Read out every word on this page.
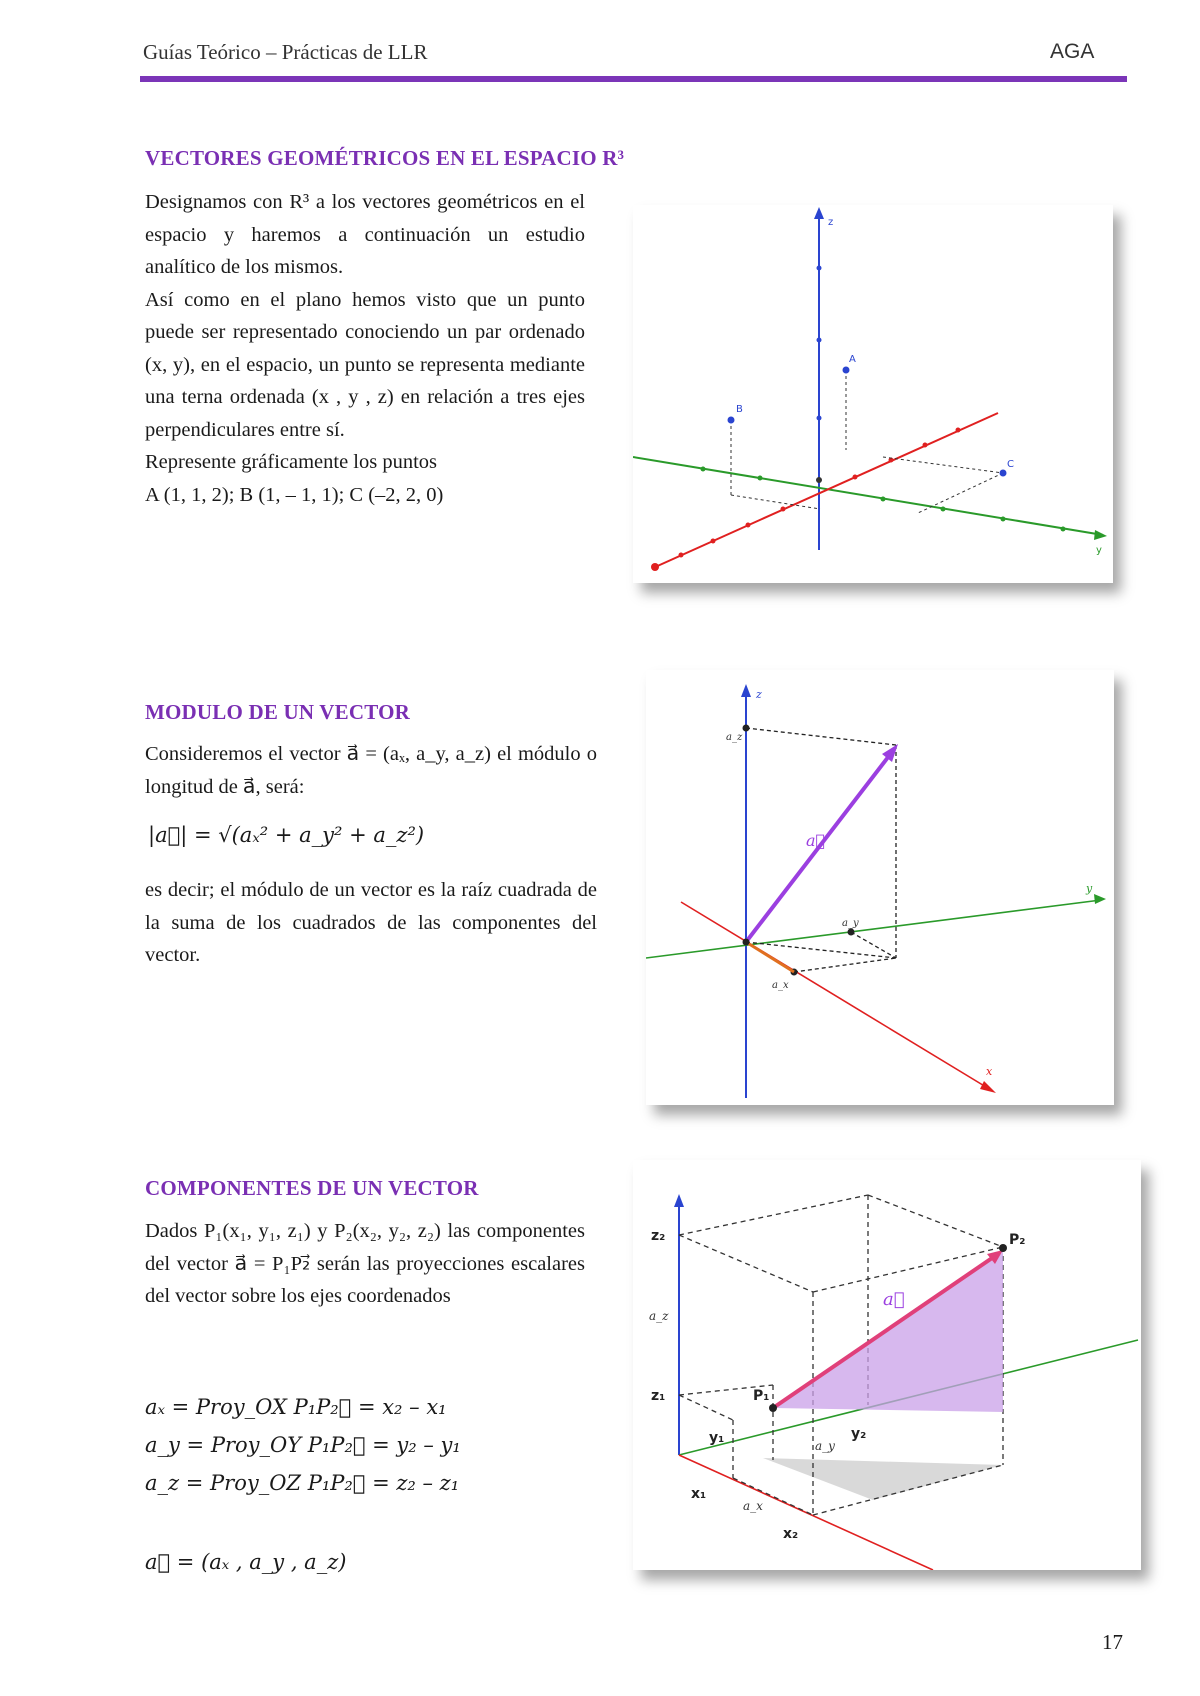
Guías Teórico – Prácticas de LLR	AGA
VECTORES GEOMÉTRICOS EN EL ESPACIO R³

Designamos con R³ a los vectores geométricos en el espacio y haremos a continuación un estudio analítico de los mismos.

Así como en el plano hemos visto que un punto puede ser representado conociendo un par ordenado (x, y), en el espacio, un punto se representa mediante una terna ordenada (x , y , z) en relación a tres ejes perpendiculares entre sí.

Represente gráficamente los puntos

A (1, 1, 2); B (1, – 1, 1); C (–2, 2, 0)

z
y
A
B
C
MODULO DE UN VECTOR
Consideremos el vector a⃗ = (aₓ, a_y, a_z) el módulo o longitud de a⃗, será:
|a⃗| = √(aₓ² + a_y² + a_z²)
es decir; el módulo de un vector es la raíz cuadrada de la suma de los cuadrados de las componentes del vector.
z
y
x
a_z
a_y
a_x
a⃗
COMPONENTES DE UN VECTOR
Dados P₁(x₁, y₁, z₁) y P₂(x₂, y₂, z₂) las componentes del vector a⃗ = P₁P₂⃗ serán las proyecciones escalares del vector sobre los ejes coordenados
aₓ = Proy_OX P₁P₂⃗ = x₂ – x₁
a_y = Proy_OY P₁P₂⃗ = y₂ – y₁
a_z = Proy_OZ P₁P₂⃗ = z₂ – z₁
a⃗ = (aₓ , a_y , a_z)
P₁
P₂
z₂
z₁
y₁	y₂
x₁
x₂
a_z
a_y
a_x
a⃗
17
